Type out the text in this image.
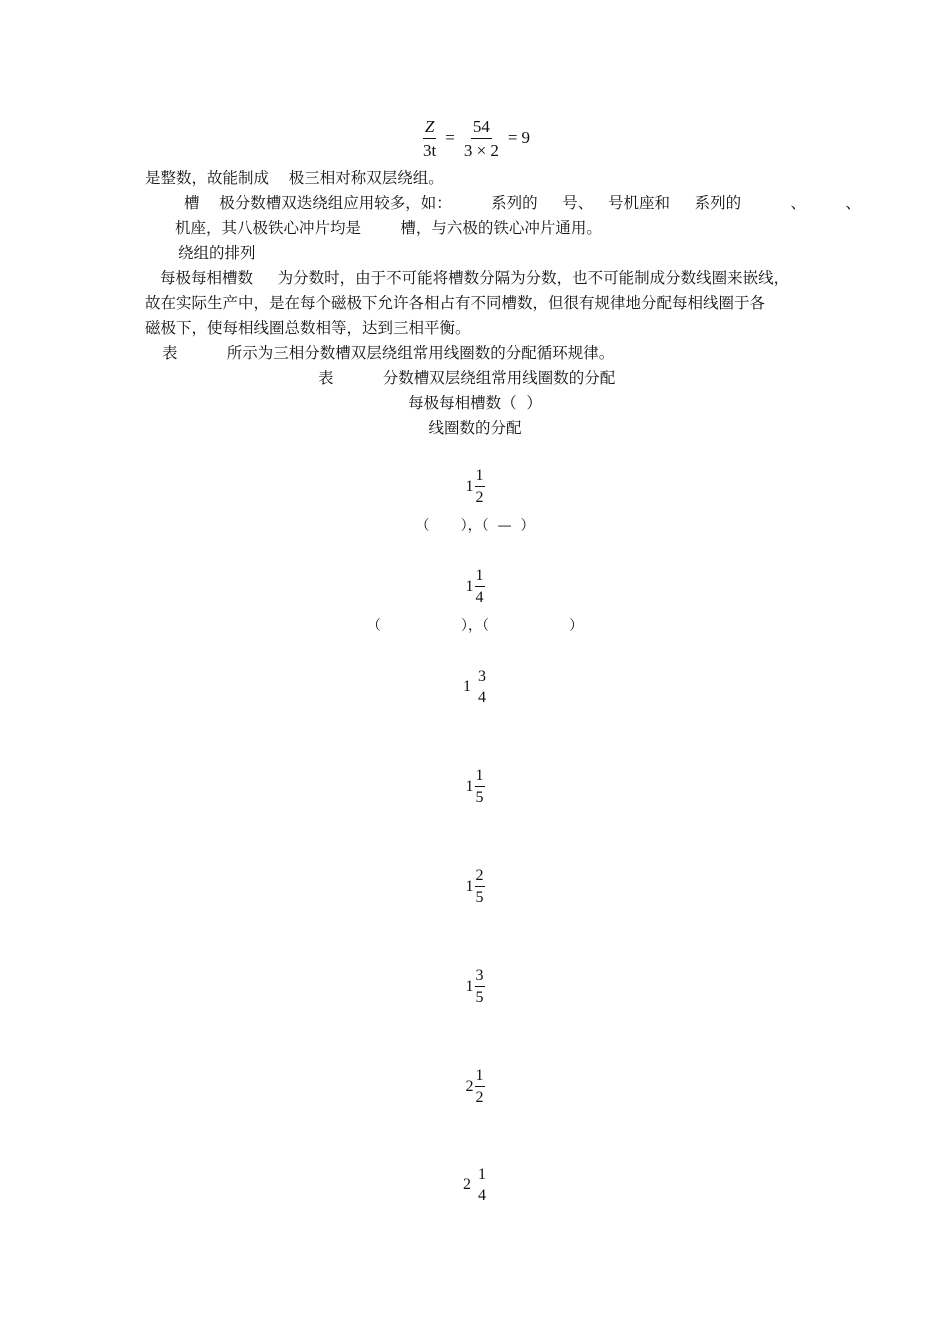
$\frac{Z}{3t} = \frac{54}{3 \times 2} = 9$
是整数，故能制成    极三相对称双层绕组。
槽    极分数槽双迭绕组应用较多，如：        系列的     号、   号机座和     系列的          、        、
机座，其八极铁心冲片均是        槽，与六极的铁心冲片通用。
绕组的排列
每极每相槽数     为分数时，由于不可能将槽数分隔为分数，也不可能制成分数线圈来嵌线，
故在实际生产中，是在每个磁极下允许各相占有不同槽数，但很有规律地分配每相线圈于各
磁极下，使每相线圈总数相等，达到三相平衡。
表          所示为三相分数槽双层绕组常用线圈数的分配循环规律。
表          分数槽双层绕组常用线圈数的分配
每极每相槽数（  ）
线圈数的分配
$1 \frac{1}{2}$
（       ），（  —  ）
$1 \frac{1}{4}$
（                  ），（                  ）
1
3
4
$1 \frac{1}{5}$
$1 \frac{2}{5}$
$1 \frac{3}{5}$
$2 \frac{1}{2}$
2
1
4
